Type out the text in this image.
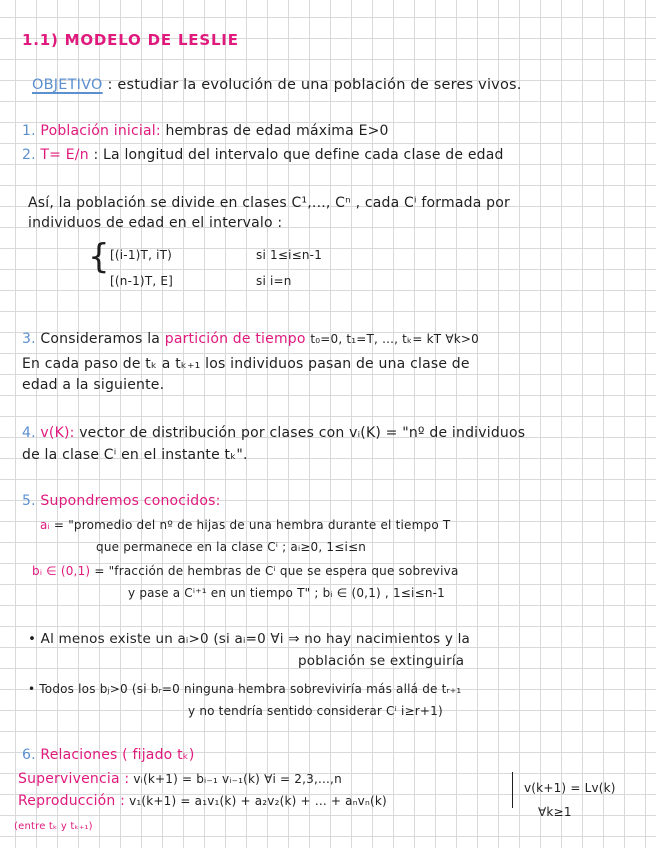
1.1) MODELO DE LESLIE
OBJETIVO : estudiar la evolución de una población de seres vivos.
1. Población inicial: hembras de edad máxima E>0
2. T= E/n : La longitud del intervalo que define cada clase de edad
Así, la población se divide en clases C¹,..., Cⁿ , cada Cⁱ formada por
individuos de edad en el intervalo :
{ [(i-1)T, iT)	si 1≤i≤n-1
[(n-1)T, E]	si i=n
3. Consideramos la partición de tiempo t₀=0, t₁=T, ..., tₖ= kT ∀k>0
En cada paso de tₖ a tₖ₊₁ los individuos pasan de una clase de
edad a la siguiente.
4. v(K): vector de distribución por clases con vᵢ(K) = "nº de individuos
de la clase Cⁱ en el instante tₖ".
5. Supondremos conocidos:
aᵢ = "promedio del nº de hijas de una hembra durante el tiempo T
que permanece en la clase Cⁱ ; aᵢ≥0, 1≤i≤n
bᵢ ∈ (0,1) = "fracción de hembras de Cⁱ que se espera que sobreviva
y pase a Cⁱ⁺¹ en un tiempo T" ; bᵢ ∈ (0,1) , 1≤i≤n-1
• Al menos existe un aᵢ>0 (si aᵢ=0 ∀i ⇒ no hay nacimientos y la
población se extinguiría
• Todos los bⱼ>0 (si bᵣ=0 ninguna hembra sobreviviría más allá de tᵣ₊₁
y no tendría sentido considerar Cⁱ i≥r+1)
6. Relaciones ( fijado tₖ)
Supervivencia : vᵢ(k+1) = bᵢ₋₁ vᵢ₋₁(k) ∀i = 2,3,...,n
Reproducción : v₁(k+1) = a₁v₁(k) + a₂v₂(k) + ... + aₙvₙ(k)
(entre tₖ y tₖ₊₁)
v(k+1) = Lv(k)
∀k≥1
